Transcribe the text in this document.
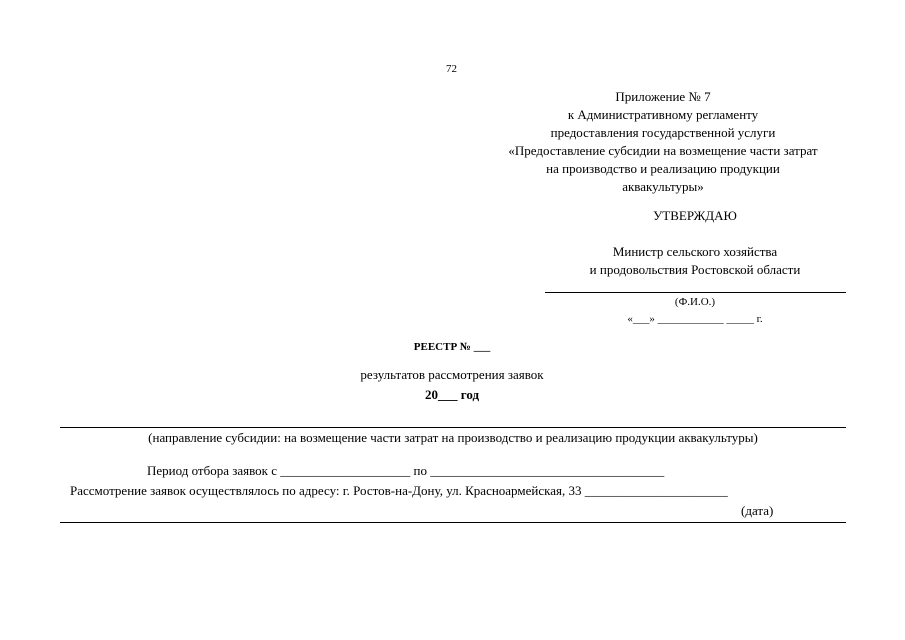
72
Приложение № 7
к Административному регламенту
предоставления государственной услуги
«Предоставление субсидии на возмещение части затрат
на производство и реализацию продукции
аквакультуры»
УТВЕРЖДАЮ
Министр сельского хозяйства
и продовольствия Ростовской области
(Ф.И.О.)
«___» ____________ _____ г.
РЕЕСТР № ___
результатов рассмотрения заявок
20___ год
(направление субсидии: на возмещение части затрат на производство и реализацию продукции аквакультуры)
Период отбора заявок с ____________________ по ____________________________________
Рассмотрение заявок осуществлялось по адресу: г. Ростов-на-Дону, ул. Красноармейская, 33 ______________________
(дата)
